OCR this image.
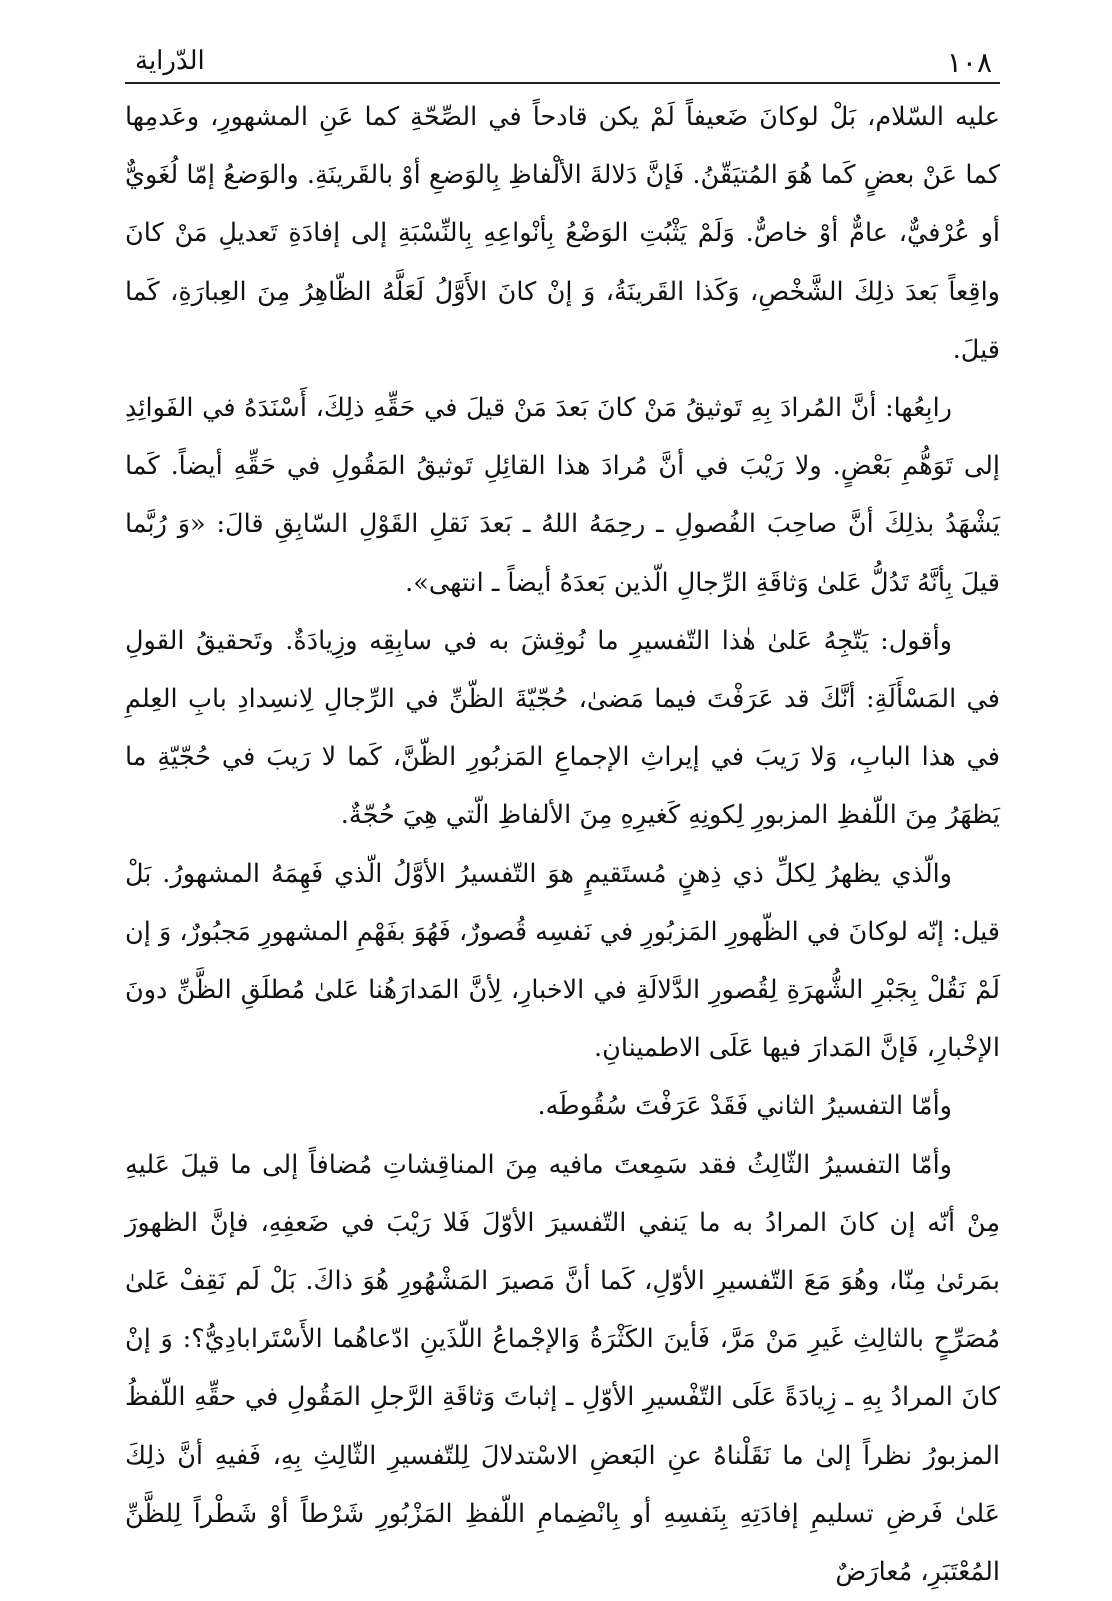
١٠٨
الدّراية

عليه السّلام، بَلْ لوكانَ ضَعيفاً لَمْ يكن قادحاً في الصِّحّةِ كما عَنِ المشهورِ، وعَدمِها كما عَنْ بعضٍ كَما هُوَ المُتيَقّنُ. فَإنَّ دَلالةَ الألْفاظِ بِالوَضعِ أوْ بالقَرينَةِ. والوَضعُ إمّا لُغَويٌّ أو عُرْفيٌّ، عامٌّ أوْ خاصٌّ. وَلَمْ يَثْبُتِ الوَضْعُ بِأنْواعِهِ بِالنِّسْبَةِ إلى إفادَةِ تَعديلِ مَنْ كانَ واقِعاً بَعدَ ذلِكَ الشَّخْصِ، وَكَذا القَرينَةُ، وَ إنْ كانَ الأَوَّلُ لَعَلَّهُ الظّاهِرُ مِنَ العِبارَةِ، كَما قيلَ.

رابِعُها: أنَّ المُرادَ بِهِ تَوثيقُ مَنْ كانَ بَعدَ مَنْ قيلَ في حَقِّهِ ذلِكَ، أَسْنَدَهُ في الفَوائِدِ إلى تَوَهُّمِ بَعْضٍ. ولا رَيْبَ في أنَّ مُرادَ هذا القائِلِ تَوثيقُ المَقُولِ في حَقِّهِ أيضاً. كَما يَشْهَدُ بذلِكَ أنَّ صاحِبَ الفُصولِ ـ رحِمَهُ اللهُ ـ بَعدَ نَقلِ القَوْلِ السّابِقِ قالَ: «وَ رُبَّما قيلَ بِأنَّهُ تَدُلُّ عَلىٰ وَثاقَةِ الرِّجالِ الّذين بَعدَهُ أيضاً ـ انتهى».

وأقول: يَتّجِهُ عَلىٰ هٰذا التّفسيرِ ما نُوقِشَ به في سابِقِه وزِيادَةٌ. وتَحقيقُ القولِ في المَسْأَلَةِ: أنَّكَ قد عَرَفْتَ فيما مَضىٰ، حُجّيّةَ الظّنِّ في الرِّجالِ لِانسِدادِ بابِ العِلمِ في هذا البابِ، وَلا رَيبَ في إيراثِ الإجماعِ المَزبُورِ الظّنَّ، كَما لا رَيبَ في حُجّيّةِ ما يَظهَرُ مِنَ اللّفظِ المزبورِ لِكونِهِ كَغيرِهِ مِنَ الألفاظِ الّتي هِيَ حُجّةٌ.

والّذي يظهرُ لِكلِّ ذي ذِهنٍ مُستَقيمٍ هوَ التّفسيرُ الأوَّلُ الّذي فَهِمَهُ المشهورُ. بَلْ قيل: إنّه لوكانَ في الظّهورِ المَزبُورِ في نَفسِه قُصورٌ، فَهُوَ بفَهْمِ المشهورِ مَجبُورٌ، وَ إن لَمْ نَقُلْ بِجَبْرِ الشُّهرَةِ لِقُصورِ الدَّلالَةِ في الاخبارِ، لِأنَّ المَدارَهُنا عَلىٰ مُطلَقِ الظَّنِّ دونَ الإخْبارِ، فَإنَّ المَدارَ فيها عَلَى الاطمينانِ.

وأمّا التفسيرُ الثاني فَقَدْ عَرَفْتَ سُقُوطَه.

وأمّا التفسيرُ الثّالِثُ فقد سَمِعتَ مافيه مِنَ المناقِشاتِ مُضافاً إلى ما قيلَ عَليهِ مِنْ أنّه إن كانَ المرادُ به ما يَنفي التّفسيرَ الأوّلَ فَلا رَيْبَ في ضَعفِهِ، فإنَّ الظهورَ بمَرئىٰ مِنّا، وهُوَ مَعَ التّفسيرِ الأوّلِ، كَما أنَّ مَصيرَ المَشْهُورِ هُوَ ذاكَ. بَلْ لَم نَقِفْ عَلىٰ مُصَرِّحٍ بالثالِثِ غَيرِ مَنْ مَرَّ، فَأينَ الكَثْرَةُ وَالإجْماعُ اللّذَينِ ادّعاهُما الأَسْتَرابادِيُّ؟: وَ إنْ كانَ المرادُ بِهِ ـ زِيادَةً عَلَى التّفْسيرِ الأوّلِ ـ إثباتَ وَثاقَةِ الرَّجلِ المَقُولِ في حقِّهِ اللّفظُ المزبورُ نظراً إلىٰ ما نَقَلْناهُ عنِ البَعضِ الاسْتدلالَ لِلتّفسيرِ الثّالِثِ بِهِ، فَفيهِ أنَّ ذلِكَ عَلىٰ فَرضِ تسليمِ إفادَتِهِ بِنَفسِهِ أو بِانْضِمامِ اللّفظِ المَزْبُورِ شَرْطاً أوْ شَطْراً لِلظَّنِّ المُعْتَبَرِ، مُعارَضٌ
